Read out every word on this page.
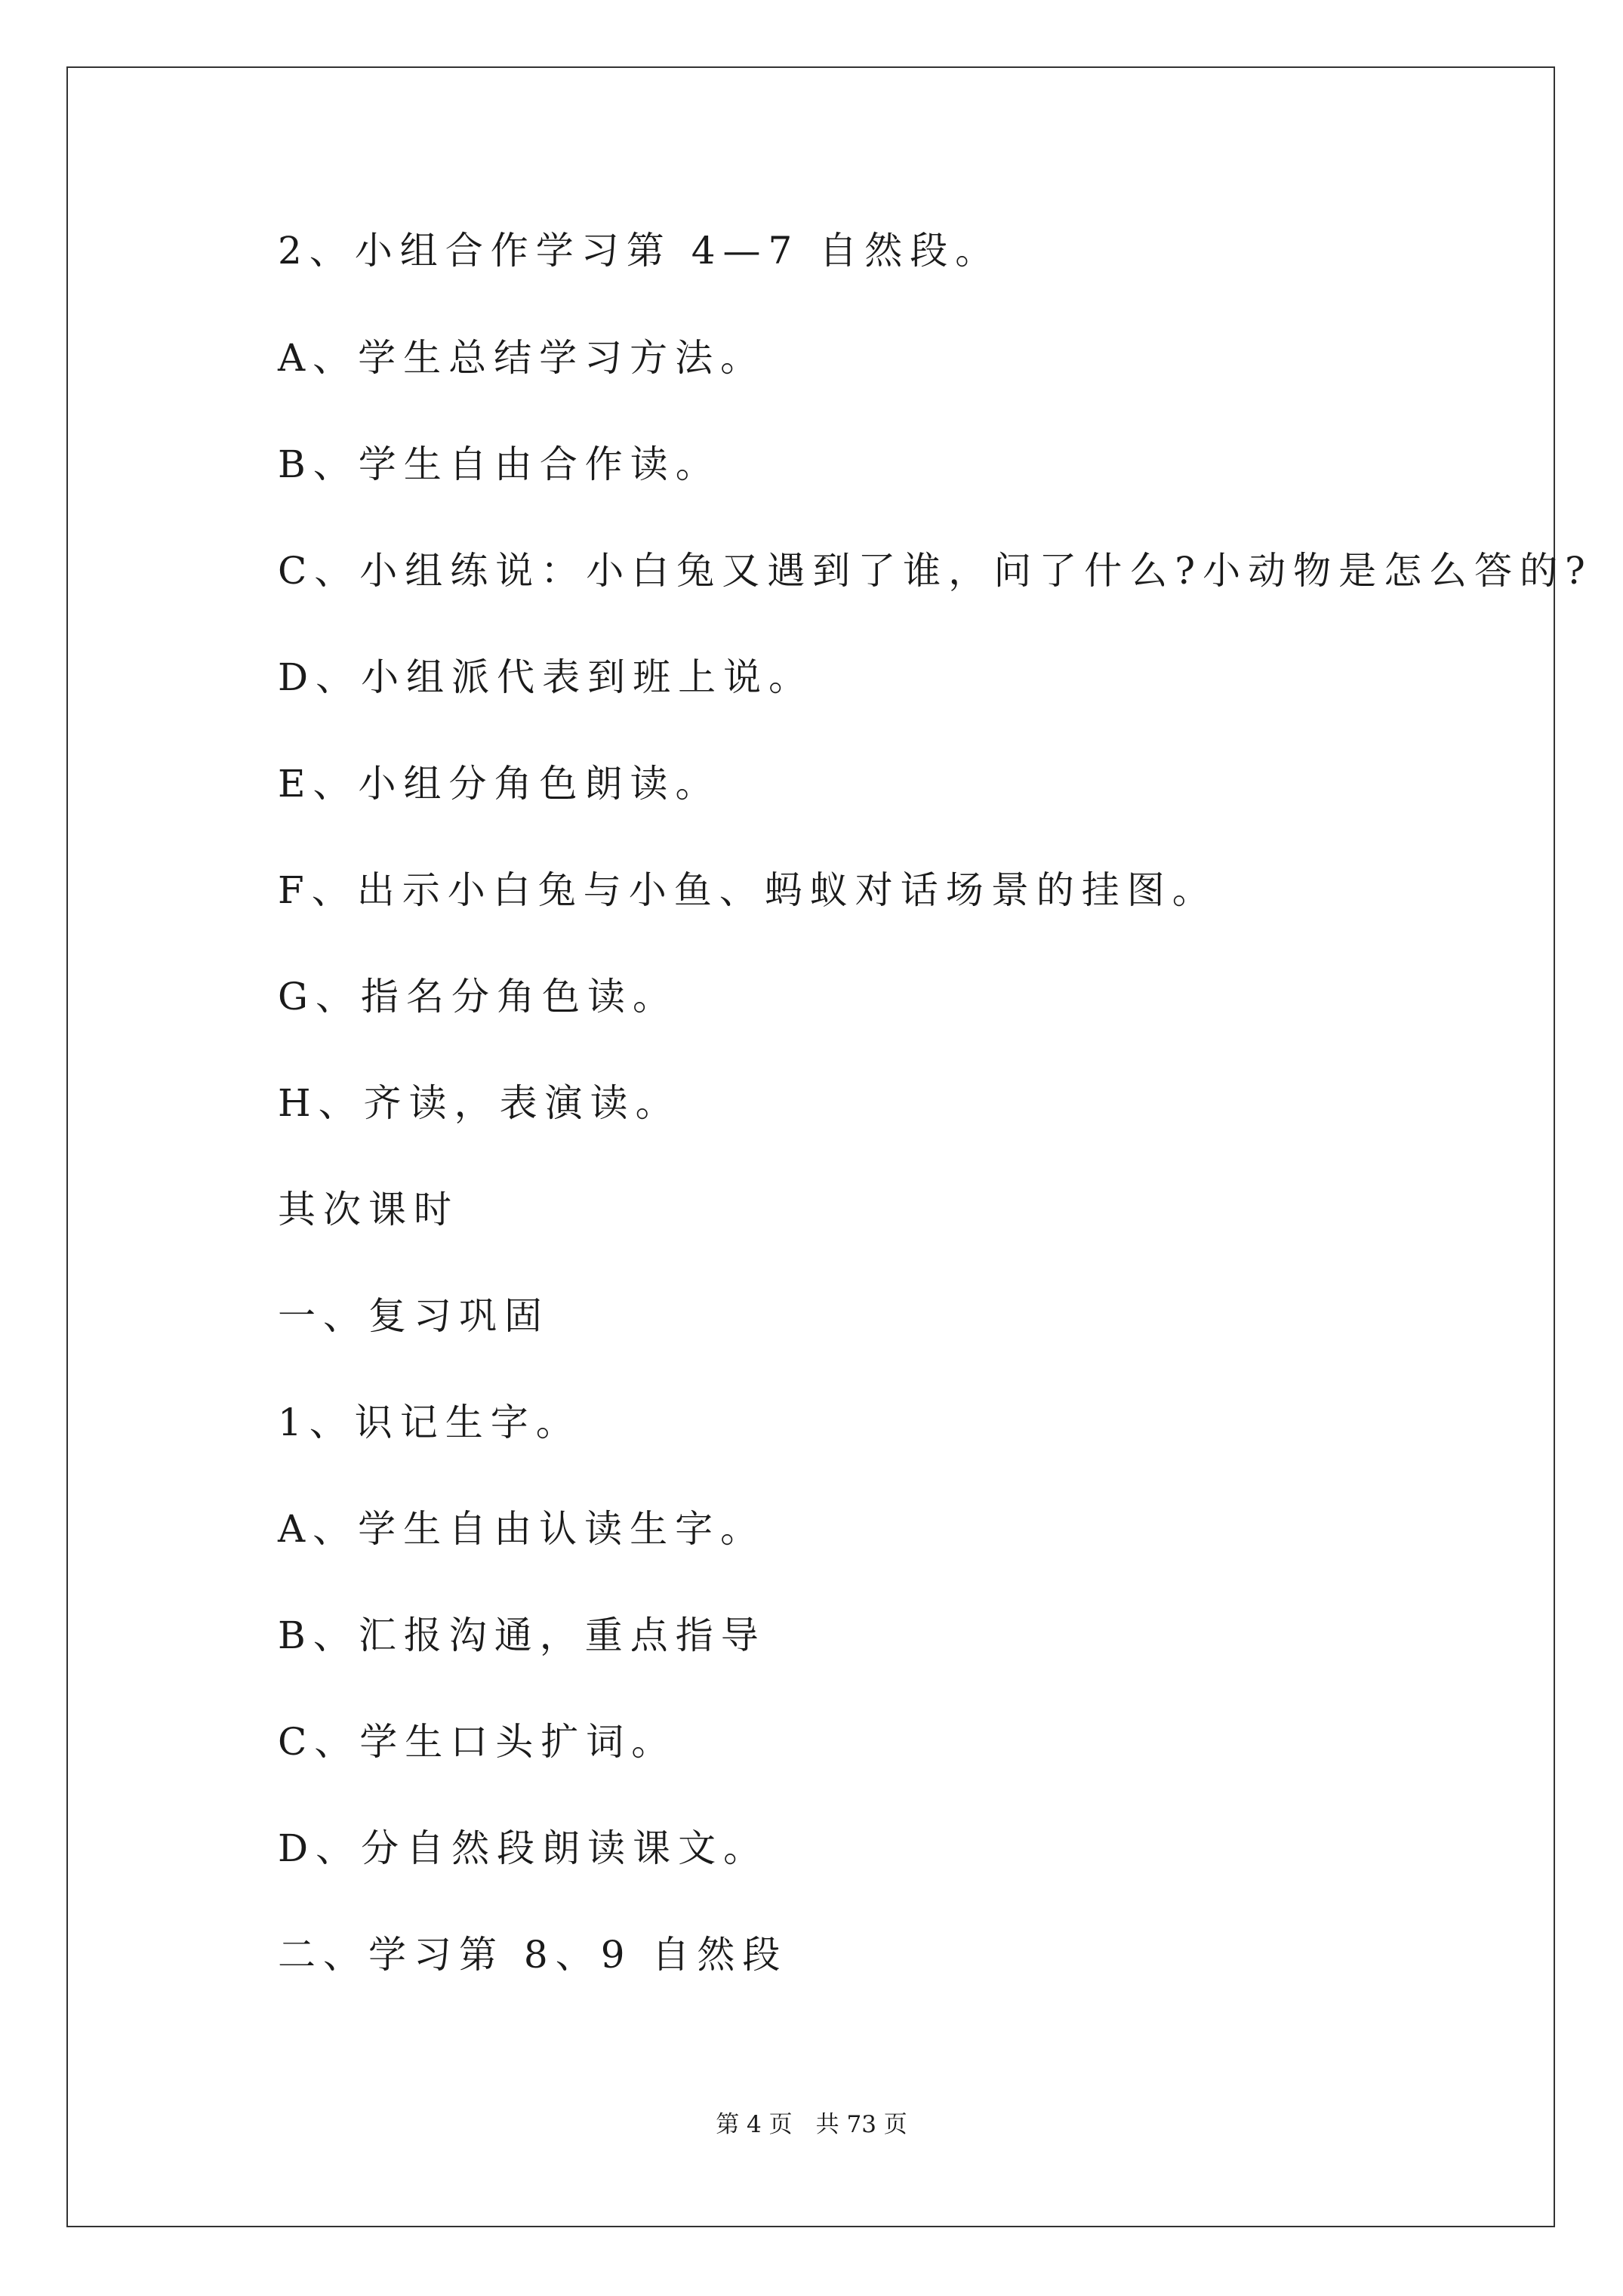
2、小组合作学习第 4—7 自然段。
A、学生总结学习方法。
B、学生自由合作读。
C、小组练说：小白兔又遇到了谁，问了什么?小动物是怎么答的?
D、小组派代表到班上说。
E、小组分角色朗读。
F、出示小白兔与小鱼、蚂蚁对话场景的挂图。
G、指名分角色读。
H、齐读，表演读。
其次课时
一、复习巩固
1、识记生字。
A、学生自由认读生字。
B、汇报沟通，重点指导
C、学生口头扩词。
D、分自然段朗读课文。
二、学习第 8、9 自然段
第 4 页　共 73 页
